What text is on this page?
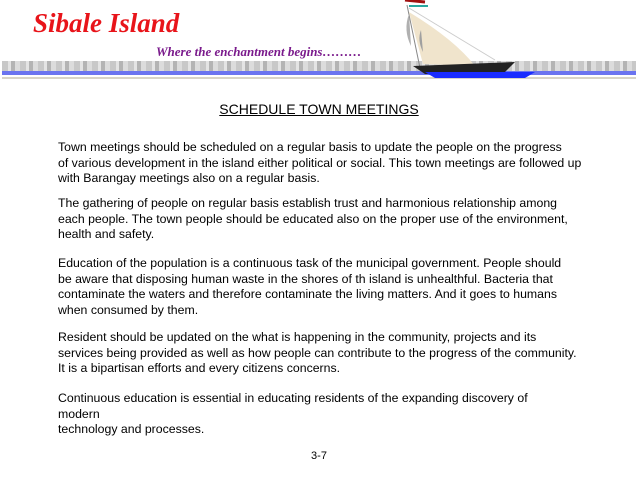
Sibale Island
Where the enchantment begins………
SCHEDULE TOWN MEETINGS
Town meetings should be scheduled on a regular basis to update the people on the progress
of various development in the island either political or social. This town meetings are followed up
with Barangay meetings also on a regular basis.
The gathering of people on regular basis establish trust and harmonious relationship among
each people. The town people should be educated also on the proper use of the environment,
health and safety.
Education of the population is a continuous task of the municipal government. People should
be aware that disposing human waste in the shores of th island is unhealthful. Bacteria that
contaminate the waters and therefore contaminate the living matters. And it goes to humans
when consumed by them.
Resident should be updated on the what is happening in the community, projects and its
services being provided as well as how people can contribute to the progress of the community.
It is a bipartisan efforts and every citizens concerns.
Continuous education is essential in educating residents of the expanding discovery of
modern
technology and processes.
3-7
